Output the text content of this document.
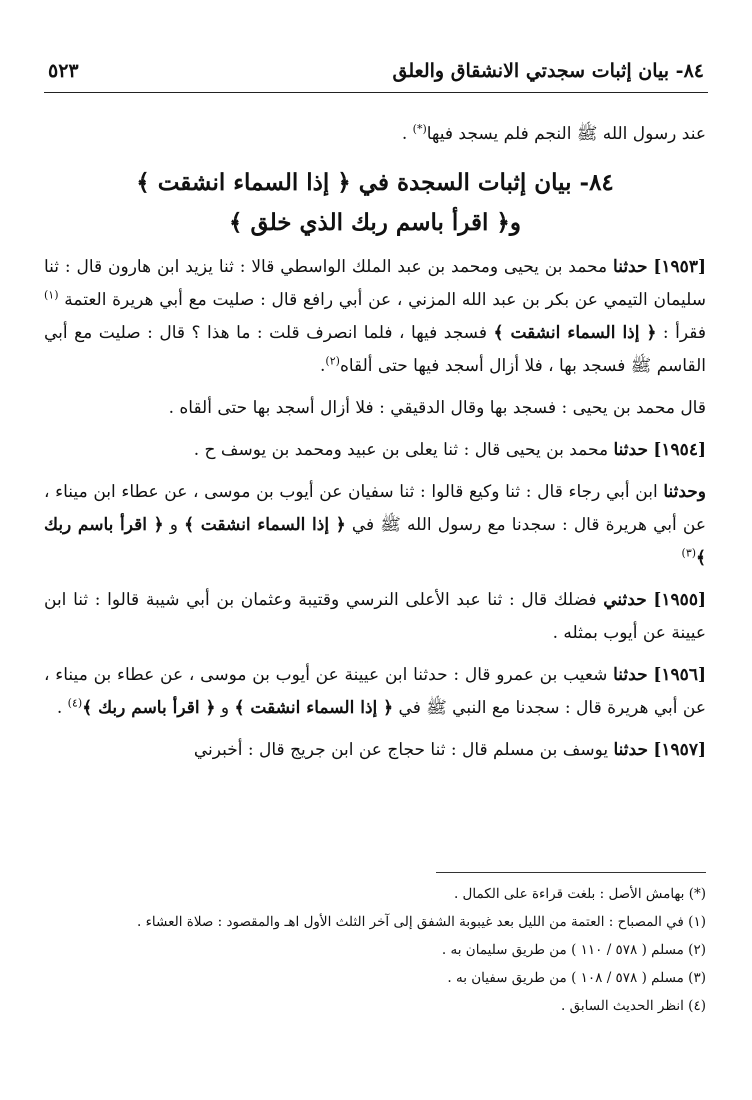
٨٤- بيان إثبات سجدتي الانشقاق والعلق
٥٢٣

عند رسول الله ﷺ النجم فلم يسجد فيها(*) .

٨٤- بيان إثبات السجدة في ﴿ إذا السماء انشقت ﴾
و﴿ اقرأ باسم ربك الذي خلق ﴾

[١٩٥٣] حدثنا محمد بن يحيى ومحمد بن عبد الملك الواسطي قالا : ثنا يزيد ابن هارون قال : ثنا سليمان التيمي عن بكر بن عبد الله المزني ، عن أبي رافع قال : صليت مع أبي هريرة العتمة $^{(١)}$ فقرأ : ﴿ إذا السماء انشقت ﴾ فسجد فيها ، فلما انصرف قلت : ما هذا ؟ قال : صليت مع أبي القاسم ﷺ فسجد بها ، فلا أزال أسجد فيها حتى ألقاه$^{(٢)}$.

قال محمد بن يحيى : فسجد بها وقال الدقيقي : فلا أزال أسجد بها حتى ألقاه .

[١٩٥٤] حدثنا محمد بن يحيى قال : ثنا يعلى بن عبيد ومحمد بن يوسف ح .

وحدثنا ابن أبي رجاء قال : ثنا وكيع قالوا : ثنا سفيان عن أيوب بن موسى ، عن عطاء ابن ميناء ، عن أبي هريرة قال : سجدنا مع رسول الله ﷺ في ﴿ إذا السماء انشقت ﴾ و ﴿ اقرأ باسم ربك ﴾$^{(٣)}$

[١٩٥٥] حدثني فضلك قال : ثنا عبد الأعلى النرسي وقتيبة وعثمان بن أبي شيبة قالوا : ثنا ابن عيينة عن أيوب بمثله .

[١٩٥٦] حدثنا شعيب بن عمرو قال : حدثنا ابن عيينة عن أيوب بن موسى ، عن عطاء بن ميناء ، عن أبي هريرة قال : سجدنا مع النبي ﷺ في ﴿ إذا السماء انشقت ﴾ و ﴿ اقرأ باسم ربك ﴾$^{(٤)}$ .

[١٩٥٧] حدثنا يوسف بن مسلم قال : ثنا حجاج عن ابن جريج قال : أخبرني

(*) بهامش الأصل : بلغت قراءة على الكمال .
(١) في المصباح : العتمة من الليل بعد غيبوبة الشفق إلى آخر الثلث الأول اهـ والمقصود : صلاة العشاء .
(٢) مسلم ( ٥٧٨ / ١١٠ ) من طريق سليمان به .
(٣) مسلم ( ٥٧٨ / ١٠٨ ) من طريق سفيان به .
(٤) انظر الحديث السابق .
